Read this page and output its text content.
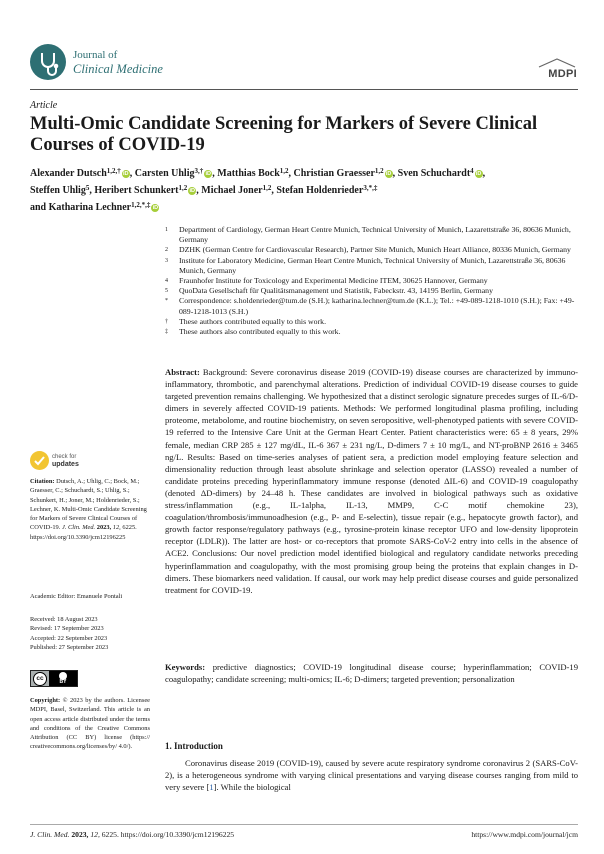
Journal of
Clinical Medicine	MDPI
Article
Multi-Omic Candidate Screening for Markers of Severe Clinical Courses of COVID-19
Alexander Dutsch$^{1,2,\dagger}$ iD, Carsten Uhlig$^{3,\dagger}$ iD, Matthias Bock$^{1,2}$, Christian Graesser$^{1,2}$ iD, Sven Schuchardt$^4$ iD,
Steffen Uhlig$^5$, Heribert Schunkert$^{1,2}$ iD, Michael Joner$^{1,2}$, Stefan Holdenrieder$^{3,*,\ddagger}$
and Katharina Lechner$^{1,2,*,\ddagger}$ iD
1	Department of Cardiology, German Heart Centre Munich, Technical University of Munich, Lazarettstraße 36, 80636 Munich, Germany
2	DZHK (German Centre for Cardiovascular Research), Partner Site Munich, Munich Heart Alliance, 80336 Munich, Germany
3	Institute for Laboratory Medicine, German Heart Centre Munich, Technical University of Munich, Lazarettstraße 36, 80636 Munich, Germany
4	Fraunhofer Institute for Toxicology and Experimental Medicine ITEM, 30625 Hannover, Germany
5	QuoData Gesellschaft für Qualitätsmanagement und Statistik, Fabeckstr. 43, 14195 Berlin, Germany
*	Correspondence: s.holdenrieder@tum.de (S.H.); katharina.lechner@tum.de (K.L.); Tel.: +49-089-1218-1010 (S.H.); Fax: +49-089-1218-1013 (S.H.)
†	These authors contributed equally to this work.
‡	These authors also contributed equally to this work.
check for
updates
Citation: Dutsch, A.; Uhlig, C.; Bock, M.; Graesser, C.; Schuchardt, S.; Uhlig, S.; Schunkert, H.; Joner, M.; Holdenrieder, S.; Lechner, K. Multi-Omic Candidate Screening for Markers of Severe Clinical Courses of COVID-19. J. Clin. Med. 2023, 12, 6225. https://doi.org/10.3390/jcm12196225
Academic Editor: Emanuele Pontali
Received: 18 August 2023
Revised: 17 September 2023
Accepted: 22 September 2023
Published: 27 September 2023
cc	BY
Copyright: © 2023 by the authors. Licensee MDPI, Basel, Switzerland. This article is an open access article distributed under the terms and conditions of the Creative Commons Attribution (CC BY) license (https:// creativecommons.org/licenses/by/ 4.0/).
Abstract: Background: Severe coronavirus disease 2019 (COVID-19) disease courses are characterized by immuno-inflammatory, thrombotic, and parenchymal alterations. Prediction of individual COVID-19 disease courses to guide targeted prevention remains challenging. We hypothesized that a distinct serologic signature precedes surges of IL-6/D-dimers in severely affected COVID-19 patients. Methods: We performed longitudinal plasma profiling, including proteome, metabolome, and routine biochemistry, on seven seropositive, well-phenotyped patients with severe COVID-19 referred to the Intensive Care Unit at the German Heart Center. Patient characteristics were: 65 ± 8 years, 29% female, median CRP 285 ± 127 mg/dL, IL-6 367 ± 231 ng/L, D-dimers 7 ± 10 mg/L, and NT-proBNP 2616 ± 3465 ng/L. Results: Based on time-series analyses of patient sera, a prediction model employing feature selection and dimensionality reduction through least absolute shrinkage and selection operator (LASSO) revealed a number of candidate proteins preceding hyperinflammatory immune response (denoted ΔIL-6) and COVID-19 coagulopathy (denoted ΔD-dimers) by 24–48 h. These candidates are involved in biological pathways such as oxidative stress/inflammation (e.g., IL-1alpha, IL-13, MMP9, C-C motif chemokine 23), coagulation/thrombosis/immunoadhesion (e.g., P- and E-selectin), tissue repair (e.g., hepatocyte growth factor), and growth factor response/regulatory pathways (e.g., tyrosine-protein kinase receptor UFO and low-density lipoprotein receptor (LDLR)). The latter are host- or co-receptors that promote SARS-CoV-2 entry into cells in the absence of ACE2. Conclusions: Our novel prediction model identified biological and regulatory candidate networks preceding hyperinflammation and coagulopathy, with the most promising group being the proteins that explain changes in D-dimers. These biomarkers need validation. If causal, our work may help predict disease courses and guide personalized treatment for COVID-19.
Keywords: predictive diagnostics; COVID-19 longitudinal disease course; hyperinflammation; COVID-19 coagulopathy; candidate screening; multi-omics; IL-6; D-dimers; targeted prevention; personalization
1. Introduction
Coronavirus disease 2019 (COVID-19), caused by severe acute respiratory syndrome coronavirus 2 (SARS-CoV-2), is a heterogeneous syndrome with varying clinical presentations and varying disease courses ranging from mild to very severe [1]. While the biological
J. Clin. Med. 2023, 12, 6225. https://doi.org/10.3390/jcm12196225	https://www.mdpi.com/journal/jcm
